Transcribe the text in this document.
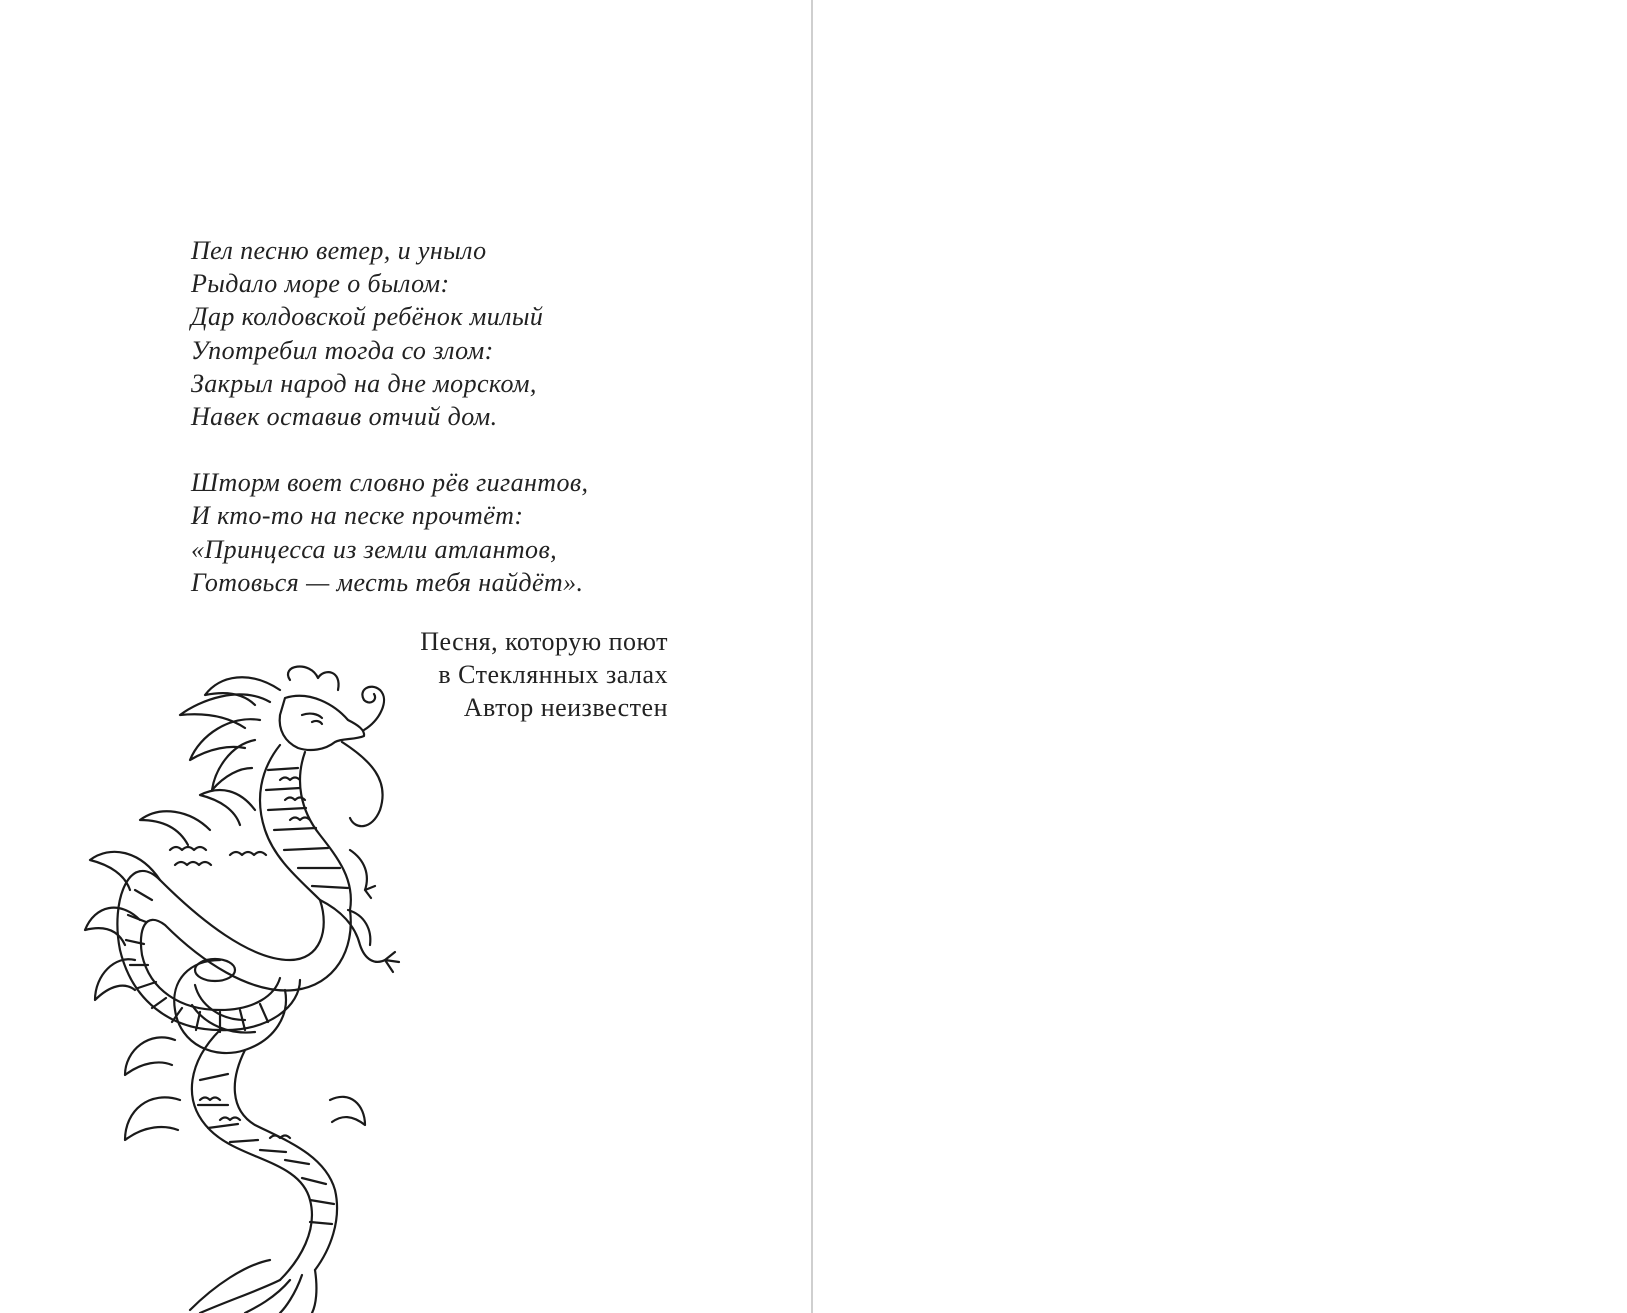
Пел песню ветер, и уныло
Рыдало море о былом:
Дар колдовской ребёнок милый
Употребил тогда со злом:
Закрыл народ на дне морском,
Навек оставив отчий дом.
Шторм воет словно рёв гигантов,
И кто-то на песке прочтёт:
«Принцесса из земли атлантов,
Готовься — месть тебя найдёт».
Песня, которую поют
в Стеклянных залах
Автор неизвестен
